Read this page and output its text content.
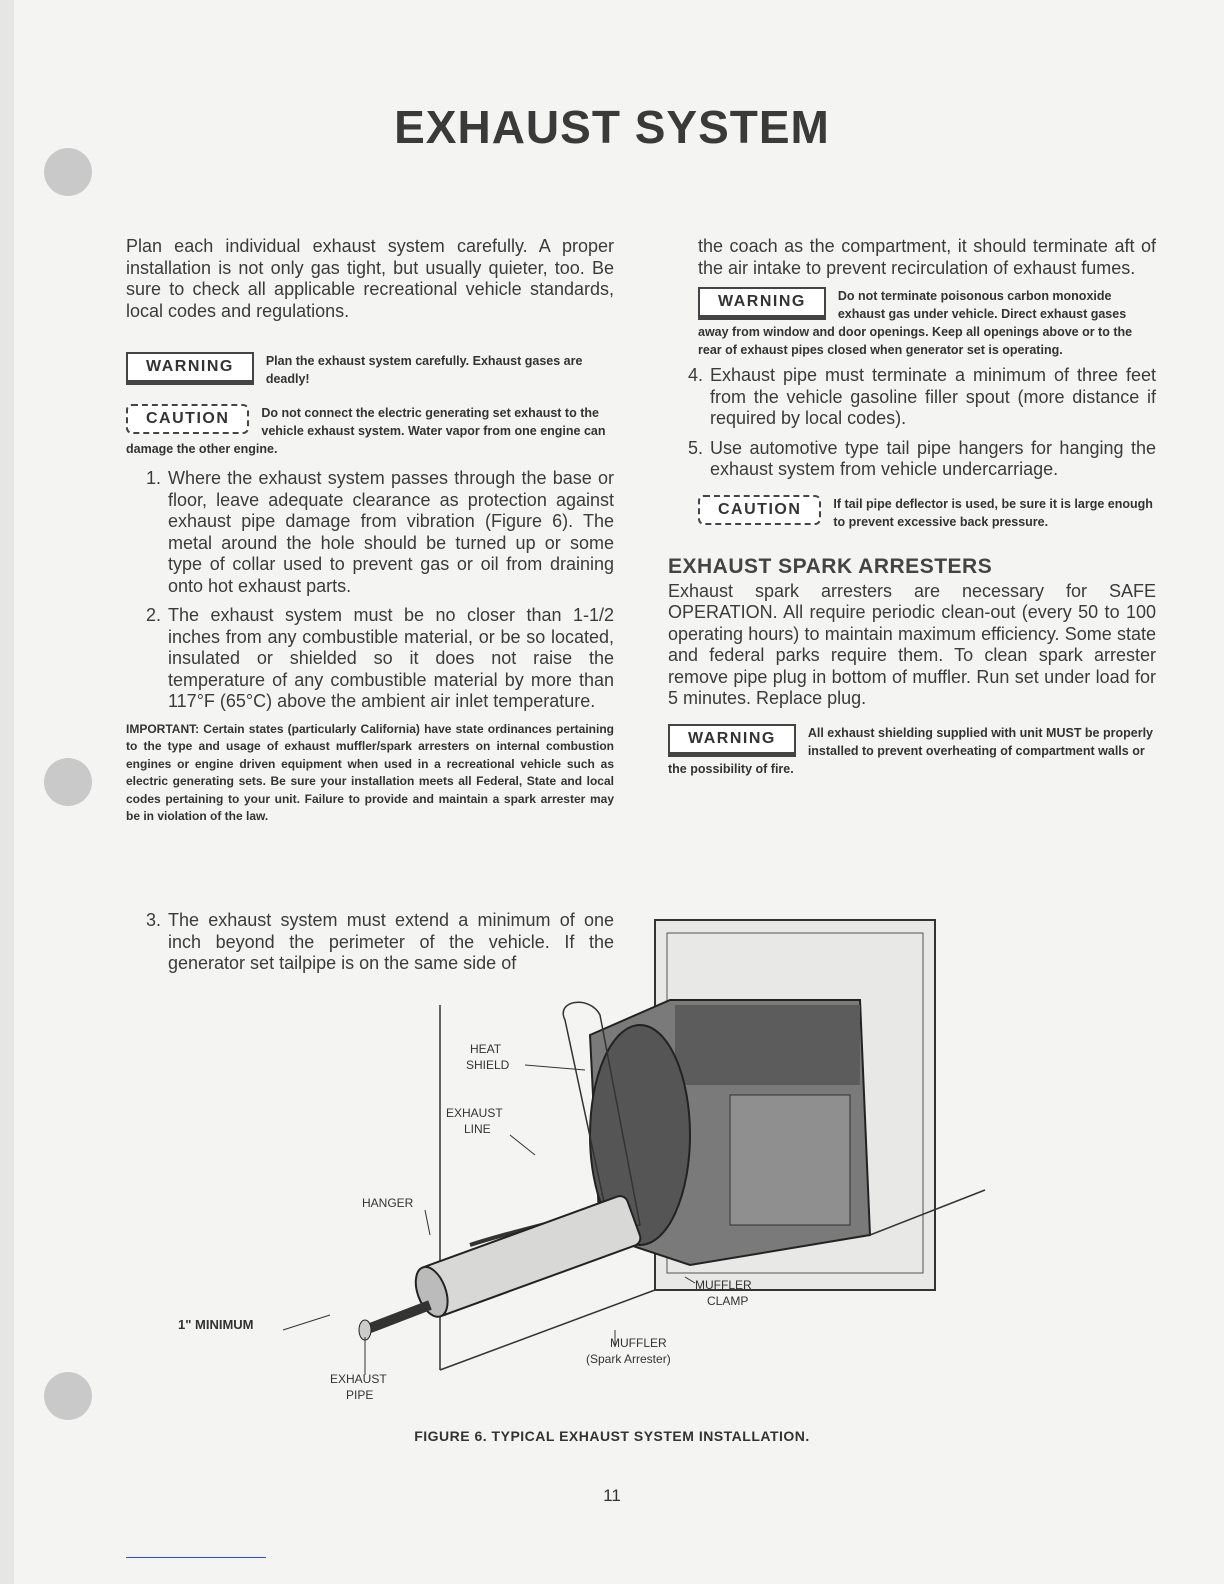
EXHAUST SYSTEM

Plan each individual exhaust system carefully. A proper installation is not only gas tight, but usually quieter, too. Be sure to check all applicable recreational vehicle standards, local codes and regulations.

WARNING	Plan the exhaust system carefully. Exhaust gases are deadly!
CAUTION	Do not connect the electric generating set exhaust to the vehicle exhaust system. Water vapor from one engine can damage the other engine.
1. Where the exhaust system passes through the base or floor, leave adequate clearance as protection against exhaust pipe damage from vibration (Figure 6). The metal around the hole should be turned up or some type of collar used to prevent gas or oil from draining onto hot exhaust parts.
2. The exhaust system must be no closer than 1-1/2 inches from any combustible material, or be so located, insulated or shielded so it does not raise the temperature of any combustible material by more than 117°F (65°C) above the ambient air inlet temperature.

IMPORTANT: Certain states (particularly California) have state ordinances pertaining to the type and usage of exhaust muffler/spark arresters on internal combustion engines or engine driven equipment when used in a recreational vehicle such as electric generating sets. Be sure your installation meets all Federal, State and local codes pertaining to your unit. Failure to provide and maintain a spark arrester may be in violation of the law.

3. The exhaust system must extend a minimum of one inch beyond the perimeter of the vehicle. If the generator set tailpipe is on the same side of

the coach as the compartment, it should terminate aft of the air intake to prevent recirculation of exhaust fumes.

WARNING	Do not terminate poisonous carbon monoxide exhaust gas under vehicle. Direct exhaust gases away from window and door openings. Keep all openings above or to the rear of exhaust pipes closed when generator set is operating.
4. Exhaust pipe must terminate a minimum of three feet from the vehicle gasoline filler spout (more distance if required by local codes).
5. Use automotive type tail pipe hangers for hanging the exhaust system from vehicle undercarriage.
CAUTION	If tail pipe deflector is used, be sure it is large enough to prevent excessive back pressure.
EXHAUST SPARK ARRESTERS

Exhaust spark arresters are necessary for SAFE OPERATION. All require periodic clean-out (every 50 to 100 operating hours) to maintain maximum efficiency. Some state and federal parks require them. To clean spark arrester remove pipe plug in bottom of muffler. Run set under load for 5 minutes. Replace plug.

WARNING	All exhaust shielding supplied with unit MUST be properly installed to prevent overheating of compartment walls or the possibility of fire.
HEAT
SHIELD
EXHAUST
LINE
HANGER
MUFFLER
CLAMP
MUFFLER
(Spark Arrester)
EXHAUST
PIPE
1" MINIMUM
FIGURE 6. TYPICAL EXHAUST SYSTEM INSTALLATION.
11
